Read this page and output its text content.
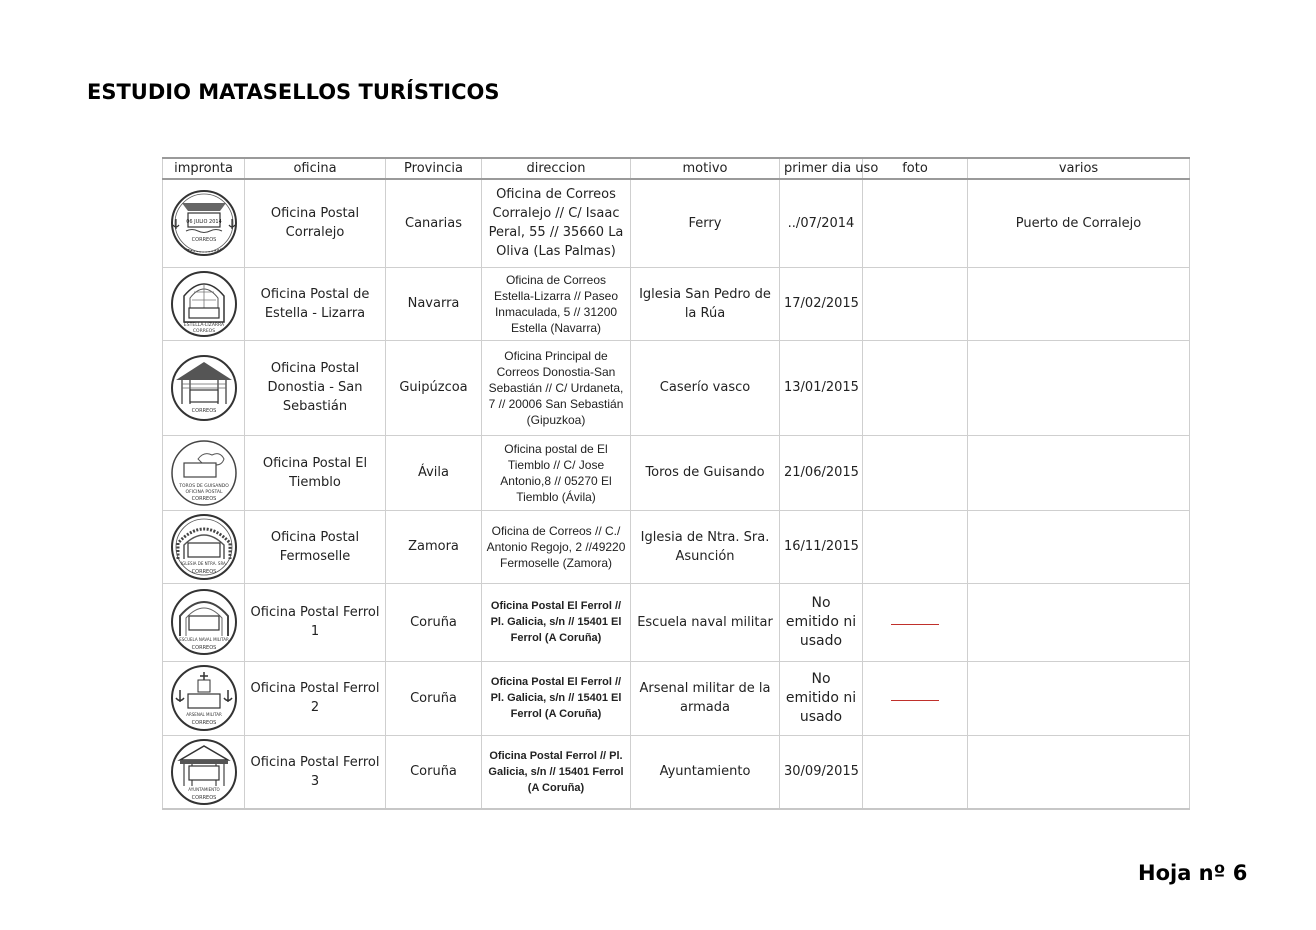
ESTUDIO MATASELLOS TURÍSTICOS
impronta	oficina	Provincia	direccion	motivo	primer dia uso	foto	varios

06 JULIO 2014
CORREOS	Oficina Postal Corralejo	Canarias	Oficina de Correos Corralejo // C/ Isaac Peral, 55 // 35660 La Oliva (Las Palmas)	Ferry	../07/2014		Puerto de Corralejo

ESTELLA-LIZARRA
CORREOS	Oficina Postal de Estella - Lizarra	Navarra	Oficina de Correos Estella-Lizarra // Paseo Inmaculada, 5 // 31200 Estella (Navarra)	Iglesia San Pedro de la Rúa	17/02/2015		

CORREOS	Oficina Postal Donostia - San Sebastián	Guipúzcoa	Oficina Principal de Correos Donostia-San Sebastián // C/ Urdaneta, 7 // 20006 San Sebastián (Gipuzkoa)	Caserío vasco	13/01/2015		

TOROS DE GUISANDO
OFICINA POSTAL
CORREOS	Oficina Postal El Tiemblo	Ávila	Oficina postal de El Tiemblo // C/ Jose Antonio,8 // 05270 El Tiemblo (Ávila)	Toros de Guisando	21/06/2015		

IGLESIA DE NTRA. SRA.
CORREOS	Oficina Postal Fermoselle	Zamora	Oficina de Correos // C./ Antonio Regojo, 2 //49220 Fermoselle (Zamora)	Iglesia de Ntra. Sra. Asunción	16/11/2015		

ESCUELA NAVAL MILITAR
CORREOS	Oficina Postal Ferrol 1	Coruña	Oficina Postal El Ferrol // Pl. Galicia, s/n // 15401 El Ferrol (A Coruña)	Escuela naval militar	No emitido ni usado		

ARSENAL MILITAR
CORREOS	Oficina Postal Ferrol 2	Coruña	Oficina Postal El Ferrol // Pl. Galicia, s/n // 15401 El Ferrol (A Coruña)	Arsenal militar de la armada	No emitido ni usado		

AYUNTAMIENTO
CORREOS	Oficina Postal Ferrol 3	Coruña	Oficina Postal Ferrol // Pl. Galicia, s/n // 15401 Ferrol (A Coruña)	Ayuntamiento	30/09/2015		
Hoja nº 6
